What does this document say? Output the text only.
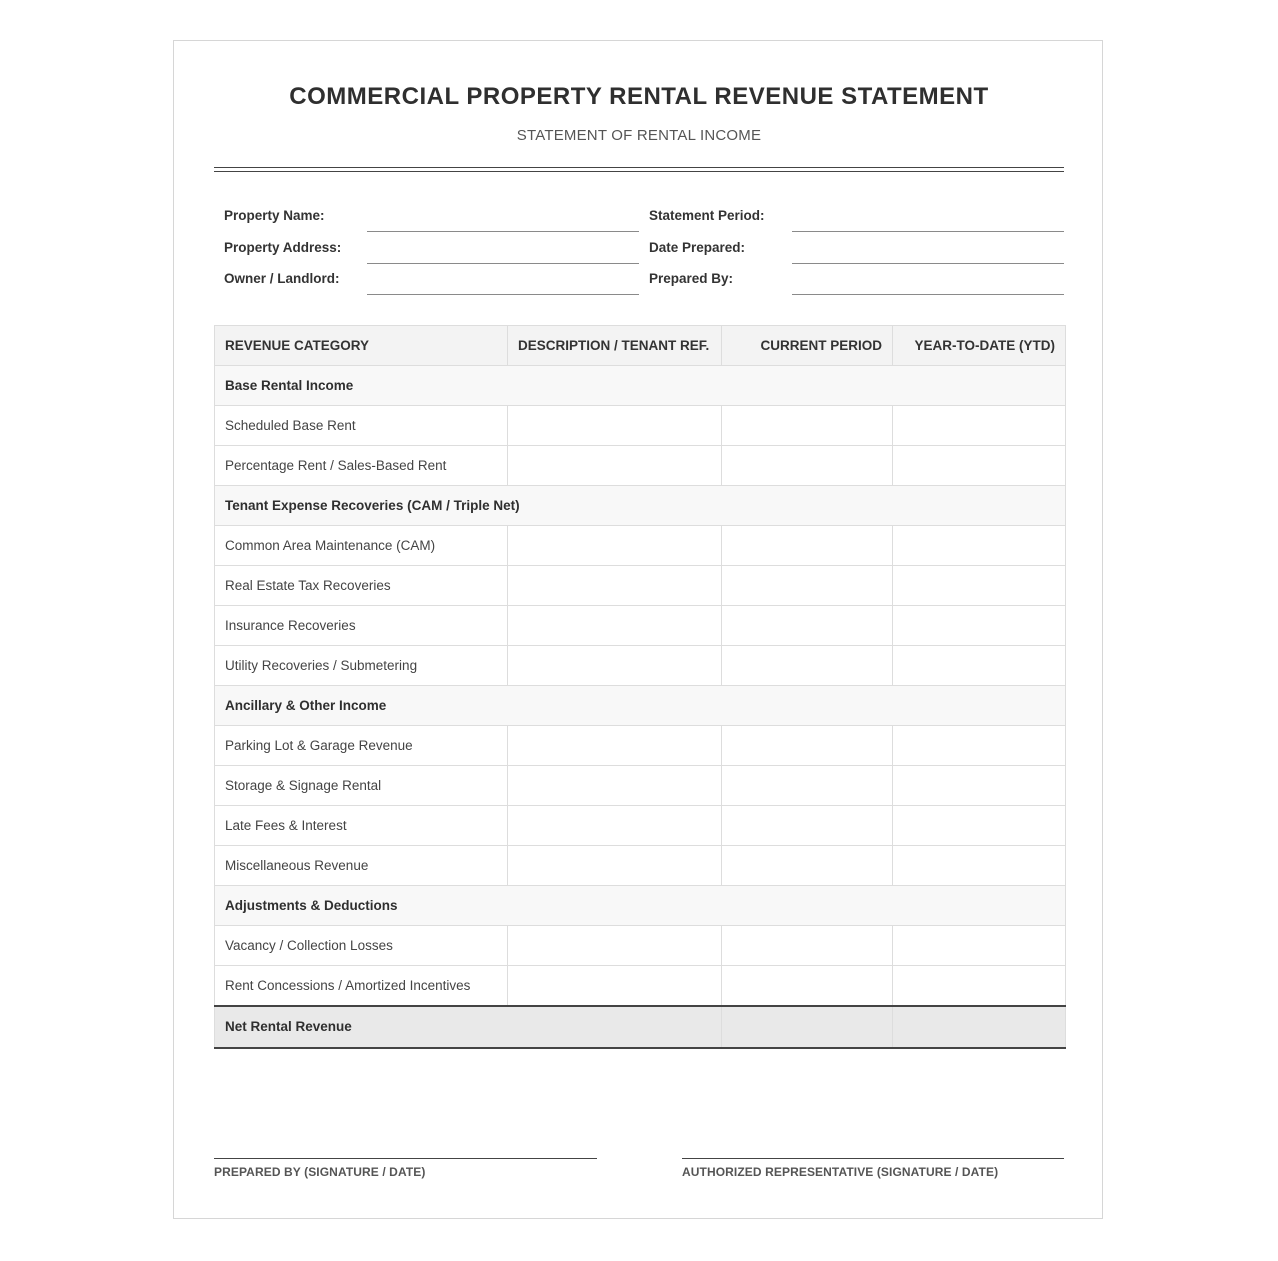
COMMERCIAL PROPERTY RENTAL REVENUE STATEMENT
STATEMENT OF RENTAL INCOME
Property Name:	Statement Period:
Property Address:	Date Prepared:
Owner / Landlord:	Prepared By:
REVENUE CATEGORY	DESCRIPTION / TENANT REF.	CURRENT PERIOD	YEAR-TO-DATE (YTD)
Base Rental Income			
Scheduled Base Rent			
Percentage Rent / Sales-Based Rent			
Tenant Expense Recoveries (CAM / Triple Net)			
Common Area Maintenance (CAM)			
Real Estate Tax Recoveries			
Insurance Recoveries			
Utility Recoveries / Submetering			
Ancillary & Other Income			
Parking Lot & Garage Revenue			
Storage & Signage Rental			
Late Fees & Interest			
Miscellaneous Revenue			
Adjustments & Deductions			
Vacancy / Collection Losses			
Rent Concessions / Amortized Incentives			
Net Rental Revenue			
PREPARED BY (SIGNATURE / DATE)	AUTHORIZED REPRESENTATIVE (SIGNATURE / DATE)
